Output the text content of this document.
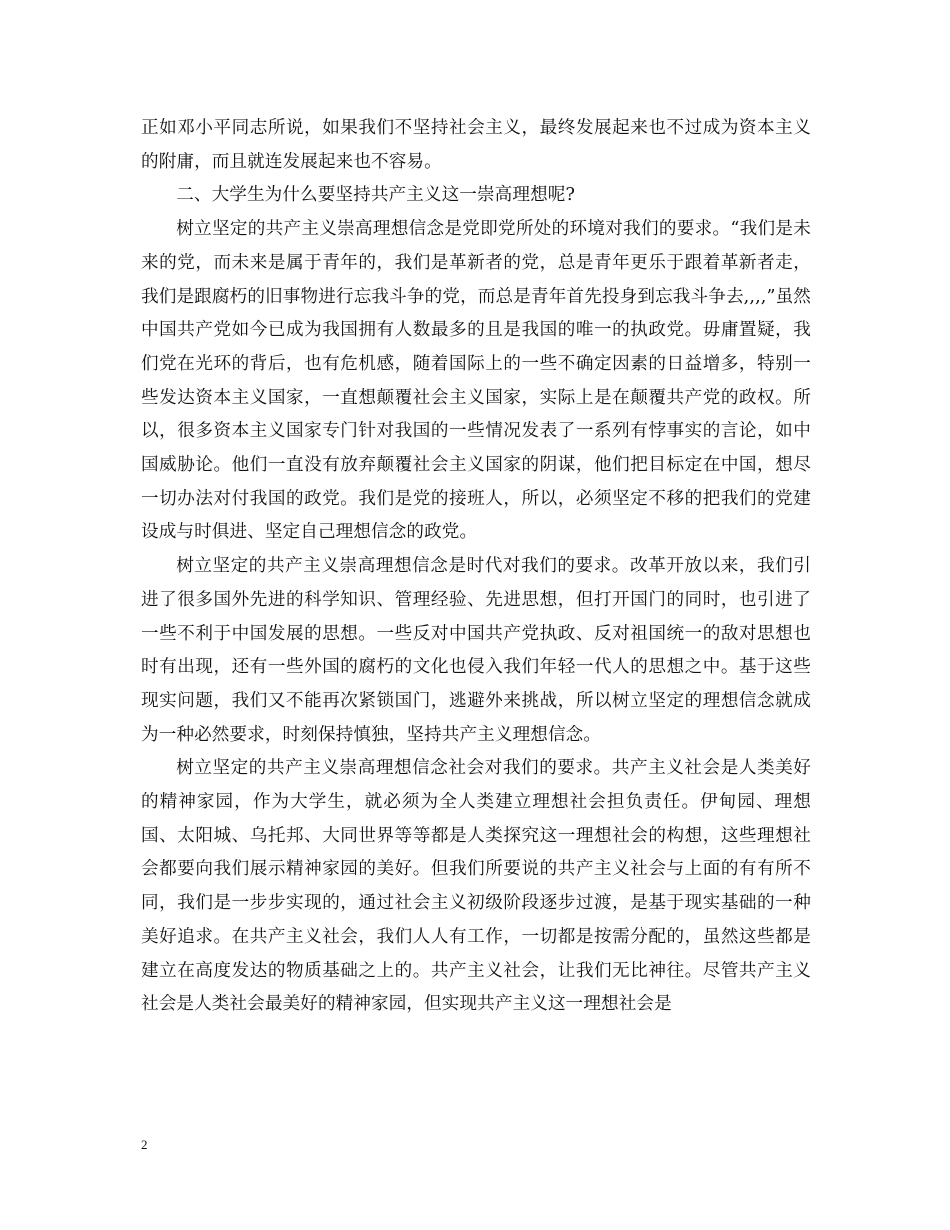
正如邓小平同志所说，如果我们不坚持社会主义，最终发展起来也不过成为资本主义的附庸，而且就连发展起来也不容易。

二、大学生为什么要坚持共产主义这一崇高理想呢?

树立坚定的共产主义崇高理想信念是党即党所处的环境对我们的要求。“我们是未来的党，而未来是属于青年的，我们是革新者的党，总是青年更乐于跟着革新者走，我们是跟腐朽的旧事物进行忘我斗争的党，而总是青年首先投身到忘我斗争去,,,,”虽然中国共产党如今已成为我国拥有人数最多的且是我国的唯一的执政党。毋庸置疑，我们党在光环的背后，也有危机感，随着国际上的一些不确定因素的日益增多，特别一些发达资本主义国家，一直想颠覆社会主义国家，实际上是在颠覆共产党的政权。所以，很多资本主义国家专门针对我国的一些情况发表了一系列有悖事实的言论，如中国威胁论。他们一直没有放弃颠覆社会主义国家的阴谋，他们把目标定在中国，想尽一切办法对付我国的政党。我们是党的接班人，所以，必须坚定不移的把我们的党建设成与时俱进、坚定自己理想信念的政党。

树立坚定的共产主义崇高理想信念是时代对我们的要求。改革开放以来，我们引进了很多国外先进的科学知识、管理经验、先进思想，但打开国门的同时，也引进了一些不利于中国发展的思想。一些反对中国共产党执政、反对祖国统一的敌对思想也时有出现，还有一些外国的腐朽的文化也侵入我们年轻一代人的思想之中。基于这些现实问题，我们又不能再次紧锁国门，逃避外来挑战，所以树立坚定的理想信念就成为一种必然要求，时刻保持慎独，坚持共产主义理想信念。

树立坚定的共产主义崇高理想信念社会对我们的要求。共产主义社会是人类美好的精神家园，作为大学生，就必须为全人类建立理想社会担负责任。伊甸园、理想国、太阳城、乌托邦、大同世界等等都是人类探究这一理想社会的构想，这些理想社会都要向我们展示精神家园的美好。但我们所要说的共产主义社会与上面的有有所不同，我们是一步步实现的，通过社会主义初级阶段逐步过渡，是基于现实基础的一种美好追求。在共产主义社会，我们人人有工作，一切都是按需分配的，虽然这些都是建立在高度发达的物质基础之上的。共产主义社会，让我们无比神往。尽管共产主义社会是人类社会最美好的精神家园，但实现共产主义这一理想社会是

2
